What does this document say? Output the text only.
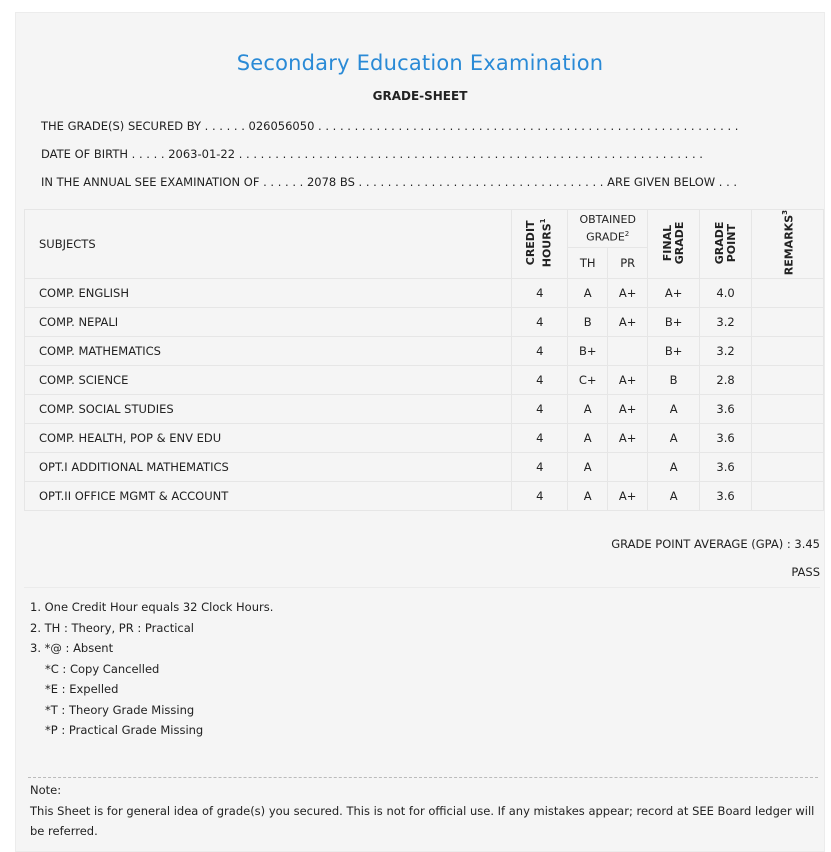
Secondary Education Examination
GRADE-SHEET
THE GRADE(S) SECURED BY . . . . . . 026056050 . . . . . . . . . . . . . . . . . . . . . . . . . . . . . . . . . . . . . . . . . . . . . . . . . . . . . . . . . .
DATE OF BIRTH . . . . . 2063-01-22 . . . . . . . . . . . . . . . . . . . . . . . . . . . . . . . . . . . . . . . . . . . . . . . . . . . . . . . . . . . . . . . .
IN THE ANNUAL SEE EXAMINATION OF . . . . . . 2078 BS . . . . . . . . . . . . . . . . . . . . . . . . . . . . . . . . . . ARE GIVEN BELOW . . .
SUBJECTS	CREDIT HOURS$^1$	OBTAINED GRADE$^2$		FINAL GRADE	GRADE POINT	REMARKS$^3$
		TH	PR			
COMP. ENGLISH	4	A	A+	A+	4.0	
COMP. NEPALI	4	B	A+	B+	3.2	
COMP. MATHEMATICS	4	B+		B+	3.2	
COMP. SCIENCE	4	C+	A+	B	2.8	
COMP. SOCIAL STUDIES	4	A	A+	A	3.6	
COMP. HEALTH, POP & ENV EDU	4	A	A+	A	3.6	
OPT.I ADDITIONAL MATHEMATICS	4	A		A	3.6	
OPT.II OFFICE MGMT & ACCOUNT	4	A	A+	A	3.6	
GRADE POINT AVERAGE (GPA) : 3.45
PASS
1. One Credit Hour equals 32 Clock Hours.
2. TH : Theory, PR : Practical
3. *@ : Absent
*C : Copy Cancelled
*E : Expelled
*T : Theory Grade Missing
*P : Practical Grade Missing
Note:
This Sheet is for general idea of grade(s) you secured. This is not for official use. If any mistakes appear; record at SEE Board ledger will be referred.
